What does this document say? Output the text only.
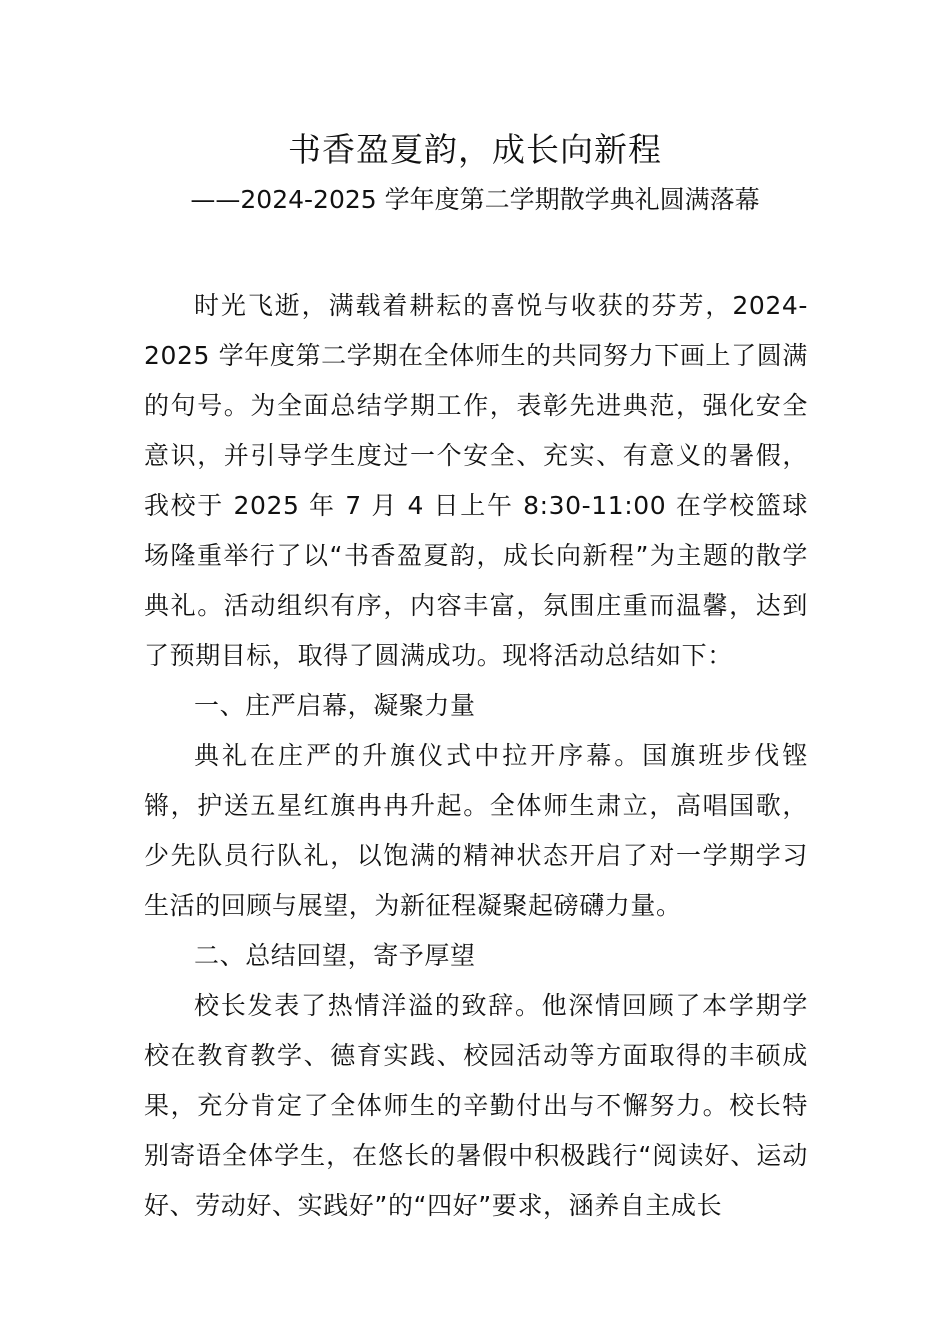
书香盈夏韵，成长向新程
——2024-2025 学年度第二学期散学典礼圆满落幕

时光飞逝，满载着耕耘的喜悦与收获的芬芳，2024-2025 学年度第二学期在全体师生的共同努力下画上了圆满的句号。为全面总结学期工作，表彰先进典范，强化安全意识，并引导学生度过一个安全、充实、有意义的暑假，我校于 2025 年 7 月 4 日上午 8:30-11:00 在学校篮球场隆重举行了以“书香盈夏韵，成长向新程”为主题的散学典礼。活动组织有序，内容丰富，氛围庄重而温馨，达到了预期目标，取得了圆满成功。现将活动总结如下：

一、庄严启幕，凝聚力量

典礼在庄严的升旗仪式中拉开序幕。国旗班步伐铿锵，护送五星红旗冉冉升起。全体师生肃立，高唱国歌，少先队员行队礼，以饱满的精神状态开启了对一学期学习生活的回顾与展望，为新征程凝聚起磅礴力量。

二、总结回望，寄予厚望

校长发表了热情洋溢的致辞。他深情回顾了本学期学校在教育教学、德育实践、校园活动等方面取得的丰硕成果，充分肯定了全体师生的辛勤付出与不懈努力。校长特别寄语全体学生，在悠长的暑假中积极践行“阅读好、运动好、劳动好、实践好”的“四好”要求，涵养自主成长
